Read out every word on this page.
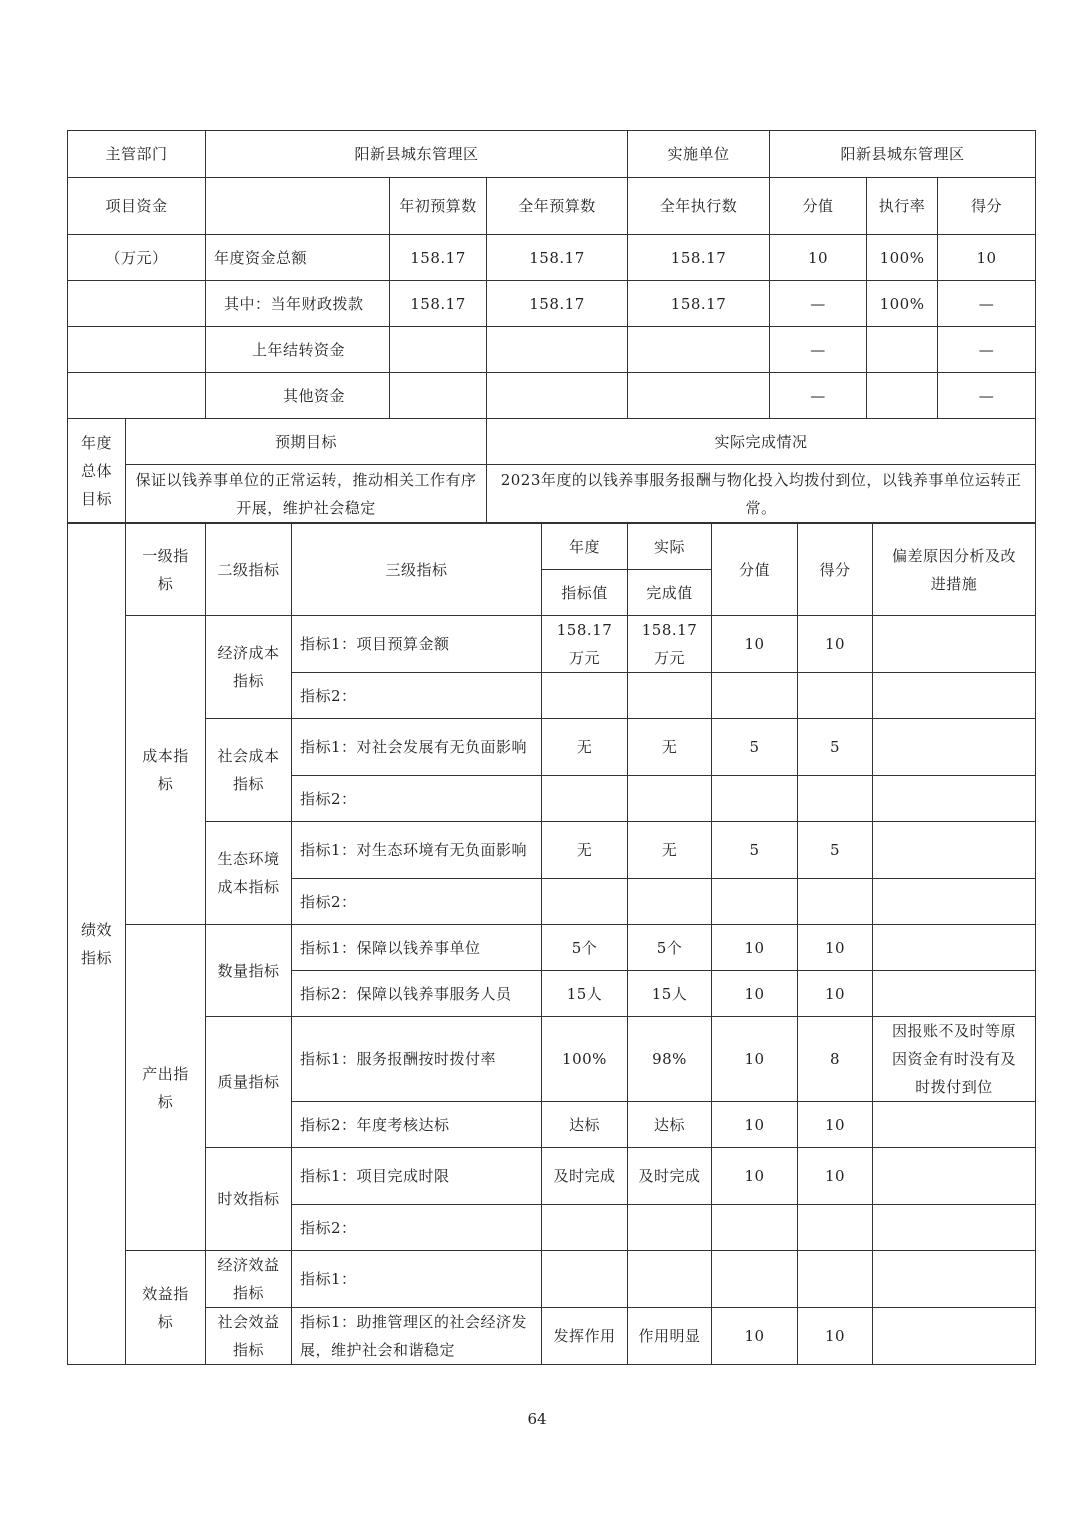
主管部门		阳新县城东管理区			实施单位	阳新县城东管理区		
项目资金			年初预算数	全年预算数	全年执行数	分值	执行率	得分
（万元）		年度资金总额	158.17	158.17	158.17	10	100%	10
		其中：当年财政拨款	158.17	158.17	158.17	—	100%	—
		上年结转资金				—		—
		其他资金				—		—
年度总体目标	预期目标			实际完成情况				
	保证以钱养事单位的正常运转，推动相关工作有序开展，维护社会稳定			2023年度的以钱养事服务报酬与物化投入均拨付到位，以钱养事单位运转正常。				
绩效指标	一级指标	二级指标	三级指标	年度	实际	分值	得分	偏差原因分析及改进措施
				指标值	完成值			
	成本指标	经济成本指标	指标1：项目预算金额	158.17万元	158.17万元	10	10	
			指标2：					
		社会成本指标	指标1：对社会发展有无负面影响	无	无	5	5	
			指标2：					
		生态环境成本指标	指标1：对生态环境有无负面影响	无	无	5	5	
			指标2：					
	产出指标	数量指标	指标1：保障以钱养事单位	5个	5个	10	10	
			指标2：保障以钱养事服务人员	15人	15人	10	10	
		质量指标	指标1：服务报酬按时拨付率	100%	98%	10	8	因报账不及时等原因资金有时没有及时拨付到位
			指标2：年度考核达标	达标	达标	10	10	
		时效指标	指标1：项目完成时限	及时完成	及时完成	10	10	
			指标2：					
	效益指标	经济效益指标	指标1：					
		社会效益指标	指标1：助推管理区的社会经济发展，维护社会和谐稳定	发挥作用	作用明显	10	10	
64
